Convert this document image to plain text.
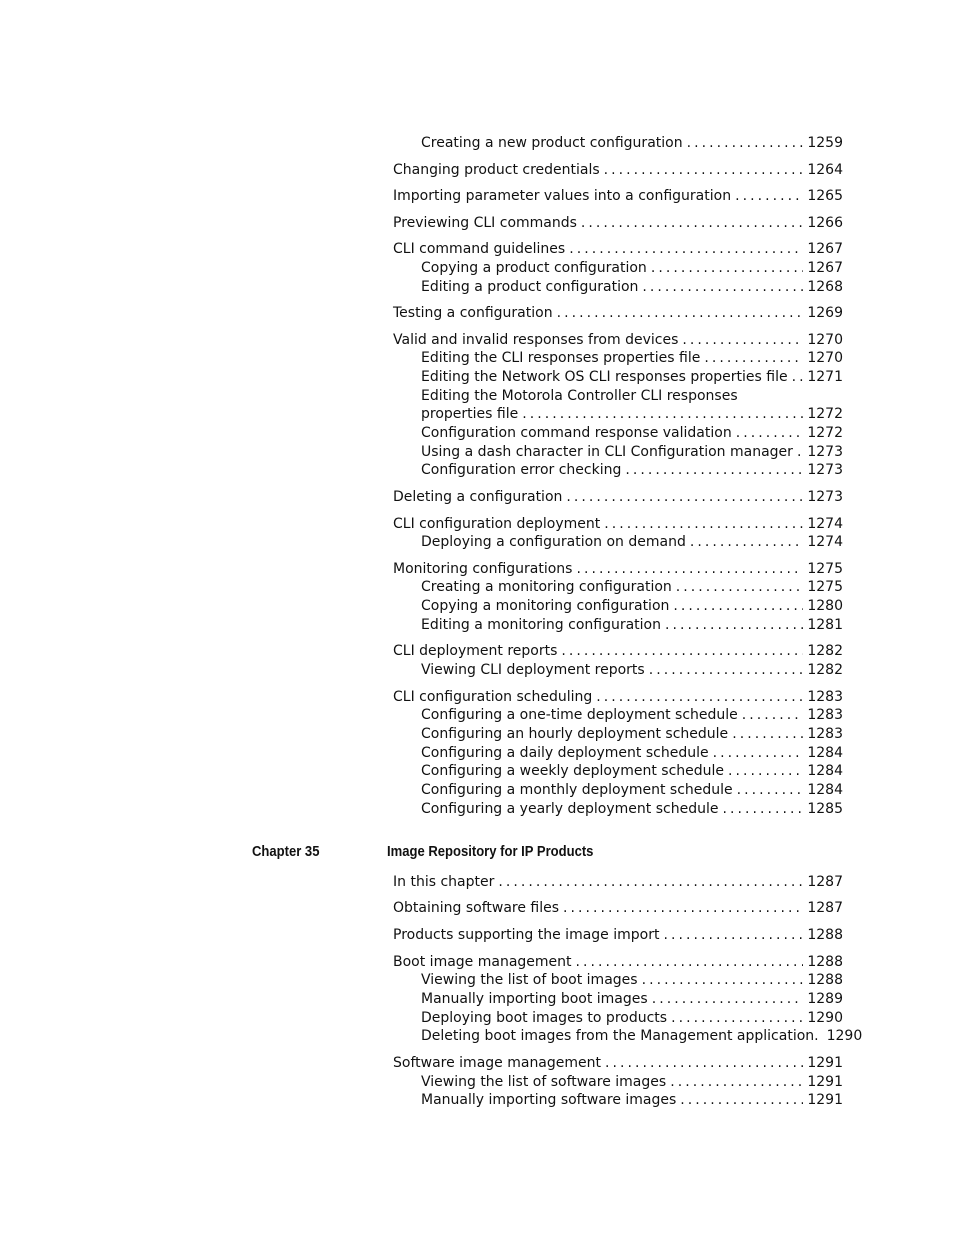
Creating a new product configuration . . .	1259
Changing product credentials . . .	1264
Importing parameter values into a configuration . . .	1265
Previewing CLI commands . . .	1266
CLI command guidelines . . .	1267
Copying a product configuration . . .	1267
Editing a product configuration . . .	1268
Testing a configuration . . .	1269
Valid and invalid responses from devices . . .	1270
Editing the CLI responses properties file . . .	1270
Editing the Network OS CLI responses properties file . . . 1271
Editing the Motorola Controller CLI responses
properties file . . .	1272
Configuration command response validation . . .	1272
Using a dash character in CLI Configuration manager . . . 1273
Configuration error checking . . .	1273
Deleting a configuration . . .	1273
CLI configuration deployment . . .	1274
Deploying a configuration on demand . . .	1274
Monitoring configurations . . .	1275
Creating a monitoring configuration . . .	1275
Copying a monitoring configuration . . .	1280
Editing a monitoring configuration . . .	1281
CLI deployment reports . . .	1282
Viewing CLI deployment reports . . .	1282
CLI configuration scheduling . . .	1283
Configuring a one-time deployment schedule . . .	1283
Configuring an hourly deployment schedule . . .	1283
Configuring a daily deployment schedule . . .	1284
Configuring a weekly deployment schedule . . .	1284
Configuring a monthly deployment schedule . . .	1284
Configuring a yearly deployment schedule . . .	1285
Chapter 35	Image Repository for IP Products
In this chapter . . .	1287
Obtaining software files . . .	1287
Products supporting the image import . . .	1288
Boot image management . . .	1288
Viewing the list of boot images . . .	1288
Manually importing boot images . . .	1289
Deploying boot images to products . . .	1290
Deleting boot images from the Management application. 1290
Software image management . . .	1291
Viewing the list of software images . . .	1291
Manually importing software images . . .	1291
